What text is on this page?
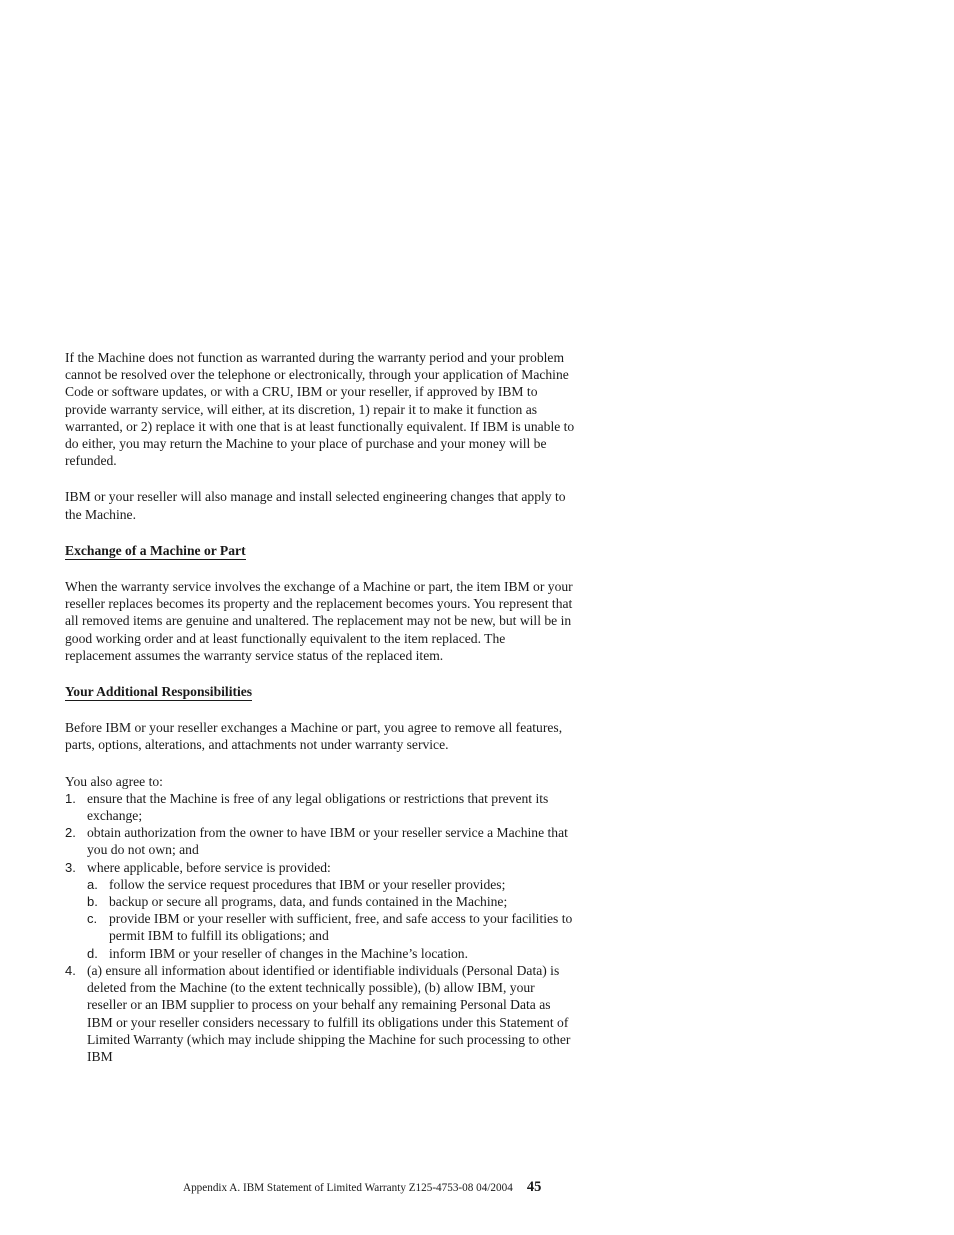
If the Machine does not function as warranted during the warranty period and your problem cannot be resolved over the telephone or electronically, through your application of Machine Code or software updates, or with a CRU, IBM or your reseller, if approved by IBM to provide warranty service, will either, at its discretion, 1) repair it to make it function as warranted, or 2) replace it with one that is at least functionally equivalent. If IBM is unable to do either, you may return the Machine to your place of purchase and your money will be refunded.

IBM or your reseller will also manage and install selected engineering changes that apply to the Machine.

Exchange of a Machine or Part

When the warranty service involves the exchange of a Machine or part, the item IBM or your reseller replaces becomes its property and the replacement becomes yours. You represent that all removed items are genuine and unaltered. The replacement may not be new, but will be in good working order and at least functionally equivalent to the item replaced. The replacement assumes the warranty service status of the replaced item.

Your Additional Responsibilities

Before IBM or your reseller exchanges a Machine or part, you agree to remove all features, parts, options, alterations, and attachments not under warranty service.

You also agree to:
1. ensure that the Machine is free of any legal obligations or restrictions that prevent its exchange;
2. obtain authorization from the owner to have IBM or your reseller service a Machine that you do not own; and
3. where applicable, before service is provided:
a. follow the service request procedures that IBM or your reseller provides;
b. backup or secure all programs, data, and funds contained in the Machine;
c. provide IBM or your reseller with sufficient, free, and safe access to your facilities to permit IBM to fulfill its obligations; and
d. inform IBM or your reseller of changes in the Machine’s location.
4. (a) ensure all information about identified or identifiable individuals (Personal Data) is deleted from the Machine (to the extent technically possible), (b) allow IBM, your reseller or an IBM supplier to process on your behalf any remaining Personal Data as IBM or your reseller considers necessary to fulfill its obligations under this Statement of Limited Warranty (which may include shipping the Machine for such processing to other IBM
Appendix A. IBM Statement of Limited Warranty Z125-4753-08 04/2004 45
